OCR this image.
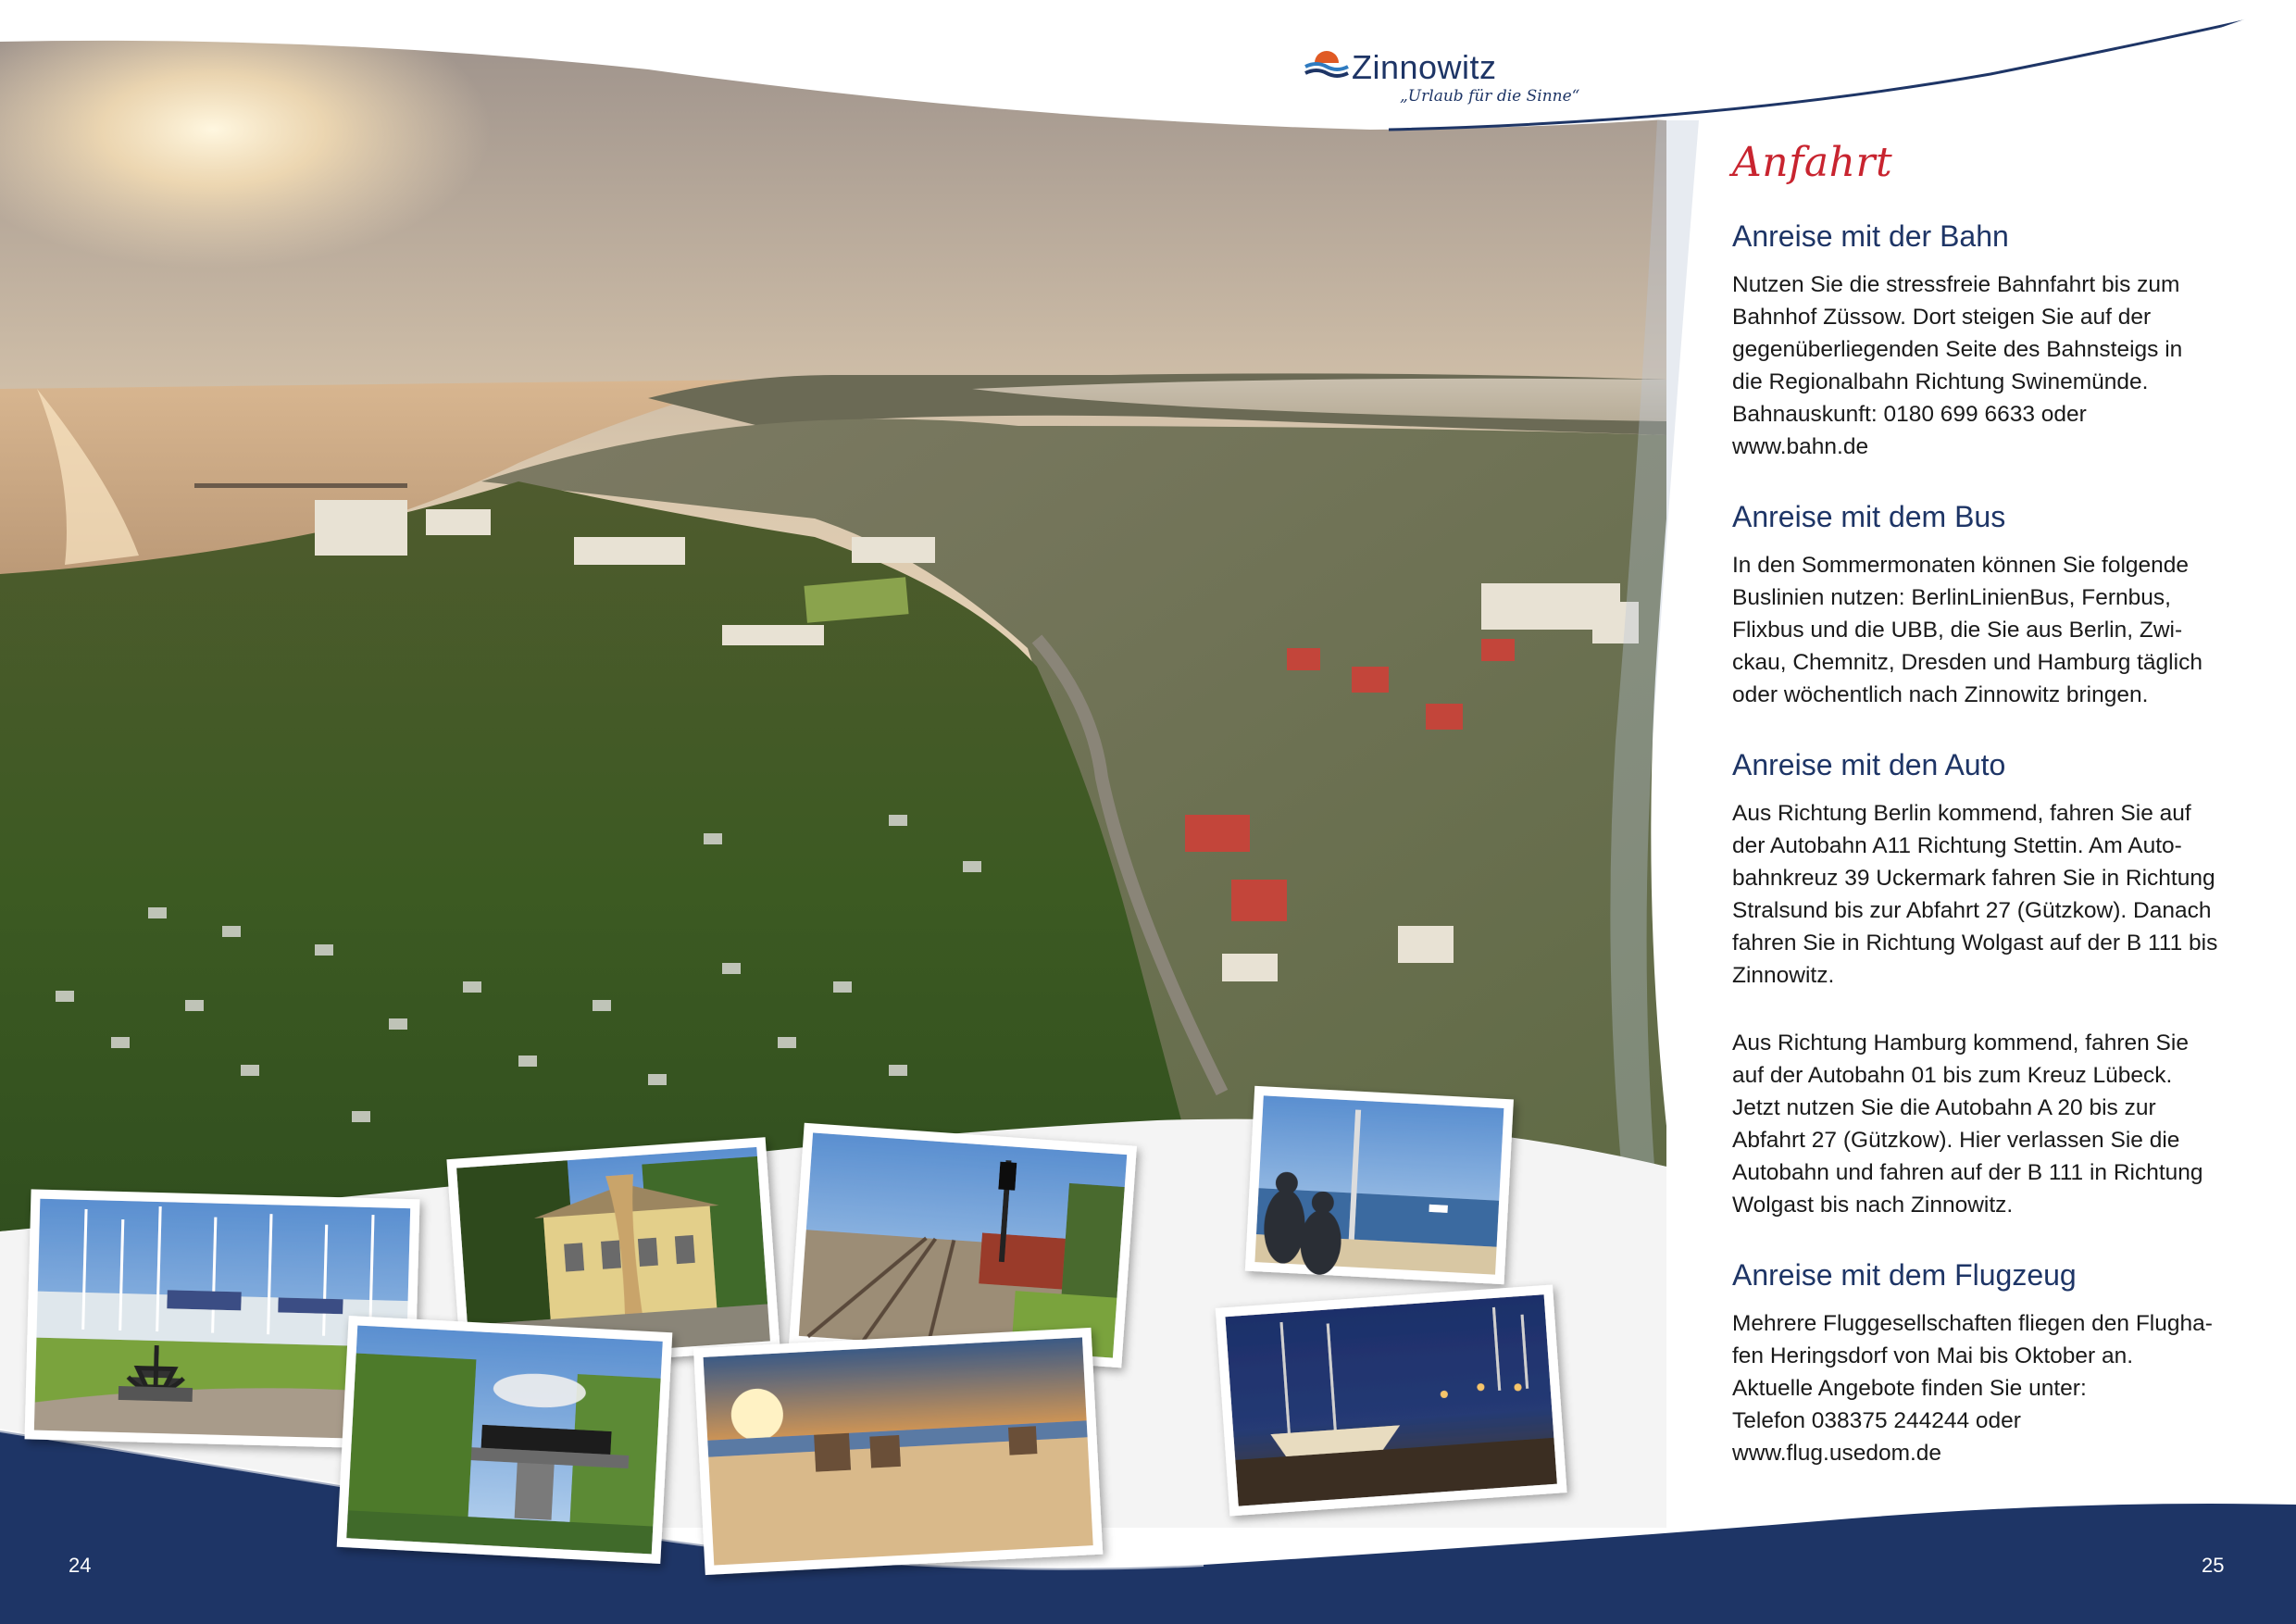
Zinnowitz
„Urlaub für die Sinne“
Anfahrt
Anreise mit der Bahn

Nutzen Sie die stressfreie Bahnfahrt bis zum
Bahnhof Züssow. Dort steigen Sie auf der
gegenüberliegenden Seite des Bahnsteigs in
die Regionalbahn Richtung Swinemünde.
Bahnauskunft: 0180 699 6633 oder
www.bahn.de

Anreise mit dem Bus

In den Sommermonaten können Sie folgende
Buslinien nutzen: BerlinLinienBus, Fernbus,
Flixbus und die UBB, die Sie aus Berlin, Zwi-
ckau, Chemnitz, Dresden und Hamburg täglich
oder wöchentlich nach Zinnowitz bringen.

Anreise mit den Auto

Aus Richtung Berlin kommend, fahren Sie auf
der Autobahn A11 Richtung Stettin. Am Auto-
bahnkreuz 39 Uckermark fahren Sie in Richtung
Stralsund bis zur Abfahrt 27 (Gützkow). Danach
fahren Sie in Richtung Wolgast auf der B 111 bis
Zinnowitz.

Aus Richtung Hamburg kommend, fahren Sie
auf der Autobahn 01 bis zum Kreuz Lübeck.
Jetzt nutzen Sie die Autobahn A 20 bis zur
Abfahrt 27 (Gützkow). Hier verlassen Sie die
Autobahn und fahren auf der B 111 in Richtung
Wolgast bis nach Zinnowitz.

Anreise mit dem Flugzeug

Mehrere Fluggesellschaften fliegen den Flugha-
fen Heringsdorf von Mai bis Oktober an.
Aktuelle Angebote finden Sie unter:
Telefon 038375 244244 oder
www.flug.usedom.de

24	25
